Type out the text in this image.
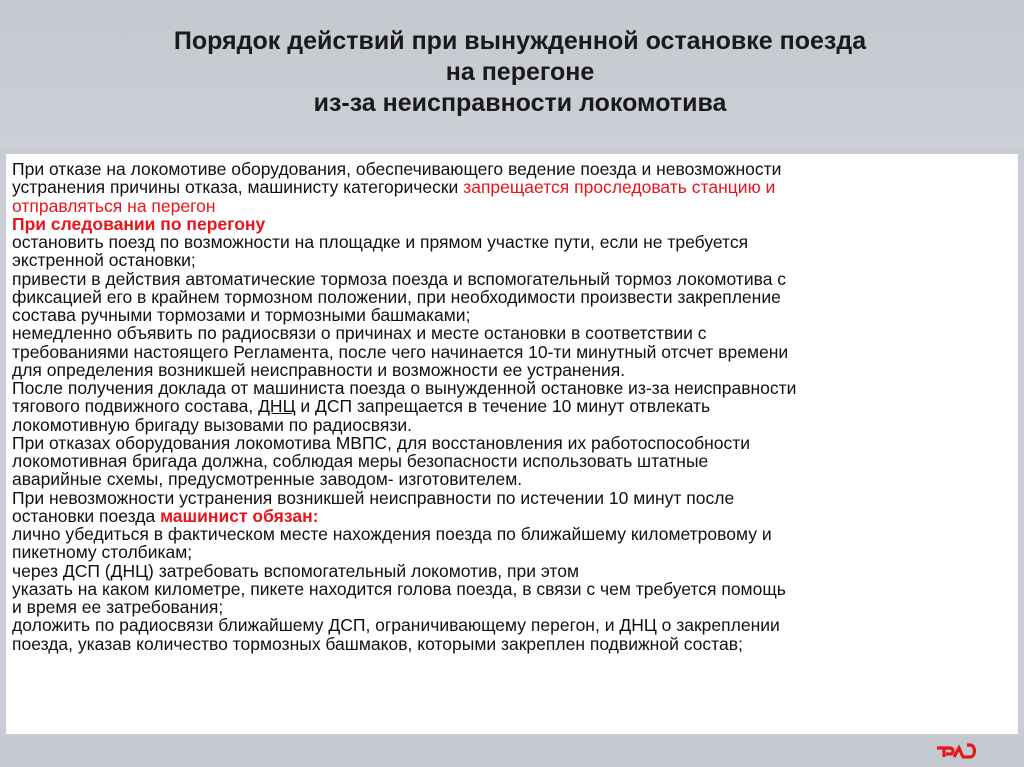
Порядок действий при вынужденной остановке поезда
на перегоне
из-за неисправности локомотива
При отказе на локомотиве оборудования, обеспечивающего ведение поезда и невозможности
устранения причины отказа, машинисту категорически запрещается проследовать станцию и
отправляться на перегон
При следовании по перегону
остановить поезд по возможности на площадке и прямом участке пути, если не требуется
экстренной остановки;
привести в действия автоматические тормоза поезда и вспомогательный тормоз локомотива с
фиксацией его в крайнем тормозном положении, при необходимости произвести закрепление
состава ручными тормозами и тормозными башмаками;
немедленно объявить по радиосвязи о причинах и месте остановки в соответствии с
требованиями настоящего Регламента, после чего начинается 10-ти минутный отсчет времени
для определения возникшей неисправности и возможности ее устранения.
После получения доклада от машиниста поезда о вынужденной остановке из-за неисправности
тягового подвижного состава, ДНЦ и ДСП запрещается в течение 10 минут отвлекать
локомотивную бригаду вызовами по радиосвязи.
При отказах оборудования локомотива МВПС, для восстановления их работоспособности
локомотивная бригада должна, соблюдая меры безопасности использовать штатные
аварийные схемы, предусмотренные заводом- изготовителем.
При невозможности устранения возникшей неисправности по истечении 10 минут после
остановки поезда машинист обязан:
лично убедиться в фактическом месте нахождения поезда по ближайшему километровому и
пикетному столбикам;
через ДСП (ДНЦ) затребовать вспомогательный локомотив, при этом
указать на каком километре, пикете находится голова поезда, в связи с чем требуется помощь
и время ее затребования;
доложить по радиосвязи ближайшему ДСП, ограничивающему перегон, и ДНЦ о закреплении
поезда, указав количество тормозных башмаков, которыми закреплен подвижной состав;
